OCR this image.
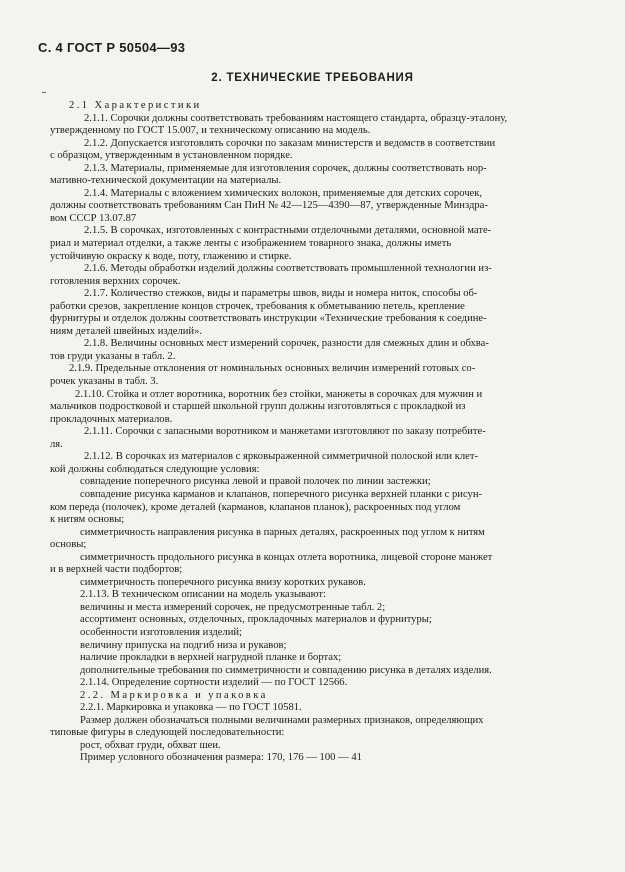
С. 4 ГОСТ Р 50504—93
2. ТЕХНИЧЕСКИЕ ТРЕБОВАНИЯ

2.1 Характеристики

2.1.1. Сорочки должны соответствовать требованиям настоящего стандарта, образцу-эталону,

утвержденному по ГОСТ 15.007, и техническому описанию на модель.

2.1.2. Допускается изготовлять сорочки по заказам министерств и ведомств в соответствии

с образцом, утвержденным в установленном порядке.

2.1.3. Материалы, применяемые для изготовления сорочек, должны соответствовать нор-

мативно-технической документации на материалы.

2.1.4. Материалы с вложением химических волокон, применяемые для детских сорочек,

должны соответствовать требованиям Сан ПиН № 42—125—4390—87, утвержденные Минздра-

вом СССР 13.07.87

2.1.5. В сорочках, изготовленных с контрастными отделочными деталями, основной мате-

риал и материал отделки, а также ленты с изображением товарного знака, должны иметь

устойчивую окраску к воде, поту, глажению и стирке.

2.1.6. Методы обработки изделий должны соответствовать промышленной технологии из-

готовления верхних сорочек.

2.1.7. Количество стежков, виды и параметры швов, виды и номера ниток, способы об-

работки срезов, закрепление концов строчек, требования к обметыванию петель, крепление

фурнитуры и отделок должны соответствовать инструкции «Технические требования к соедине-

ниям деталей швейных изделий».

2.1.8. Величины основных мест измерений сорочек, разности для смежных длин и обхва-

тов груди указаны в табл. 2.

2.1.9. Предельные отклонения от номинальных основных величин измерений готовых со-

рочек указаны в табл. 3.

2.1.10. Стойка и отлет воротника, воротник без стойки, манжеты в сорочках для мужчин и

мальчиков подростковой и старшей школьной групп должны изготовляться с прокладкой из

прокладочных материалов.

2.1.11. Сорочки с запасными воротником и манжетами изготовляют по заказу потребите-

ля.

2.1.12. В сорочках из материалов с ярковыраженной симметричной полоской или клет-

кой должны соблюдаться следующие условия:

совпадение поперечного рисунка левой и правой полочек по линии застежки;

совпадение рисунка карманов и клапанов, поперечного рисунка верхней планки с рисун-

ком переда (полочек), кроме деталей (карманов, клапанов планок), раскроенных под углом

к нитям основы;

симметричность направления рисунка в парных деталях, раскроенных под углом к нитям

основы;

симметричность продольного рисунка в концах отлета воротника, лицевой стороне манжет

и в верхней части подбортов;

симметричность поперечного рисунка внизу коротких рукавов.

2.1.13. В техническом описании на модель указывают:

величины и места измерений сорочек, не предусмотренные табл. 2;

ассортимент основных, отделочных, прокладочных материалов и фурнитуры;

особенности изготовления изделий;

величину припуска на подгиб низа и рукавов;

наличие прокладки в верхней нагрудной планке и бортах;

дополнительные требования по симметричности и совпадению рисунка в деталях изделия.

2.1.14. Определение сортности изделий — по ГОСТ 12566.

2.2. Маркировка и упаковка

2.2.1. Маркировка и упаковка — по ГОСТ 10581.

Размер должен обозначаться полными величинами размерных признаков, определяющих

типовые фигуры в следующей последовательности:

рост, обхват груди, обхват шеи.

Пример условного обозначения размера: 170, 176 — 100 — 41
